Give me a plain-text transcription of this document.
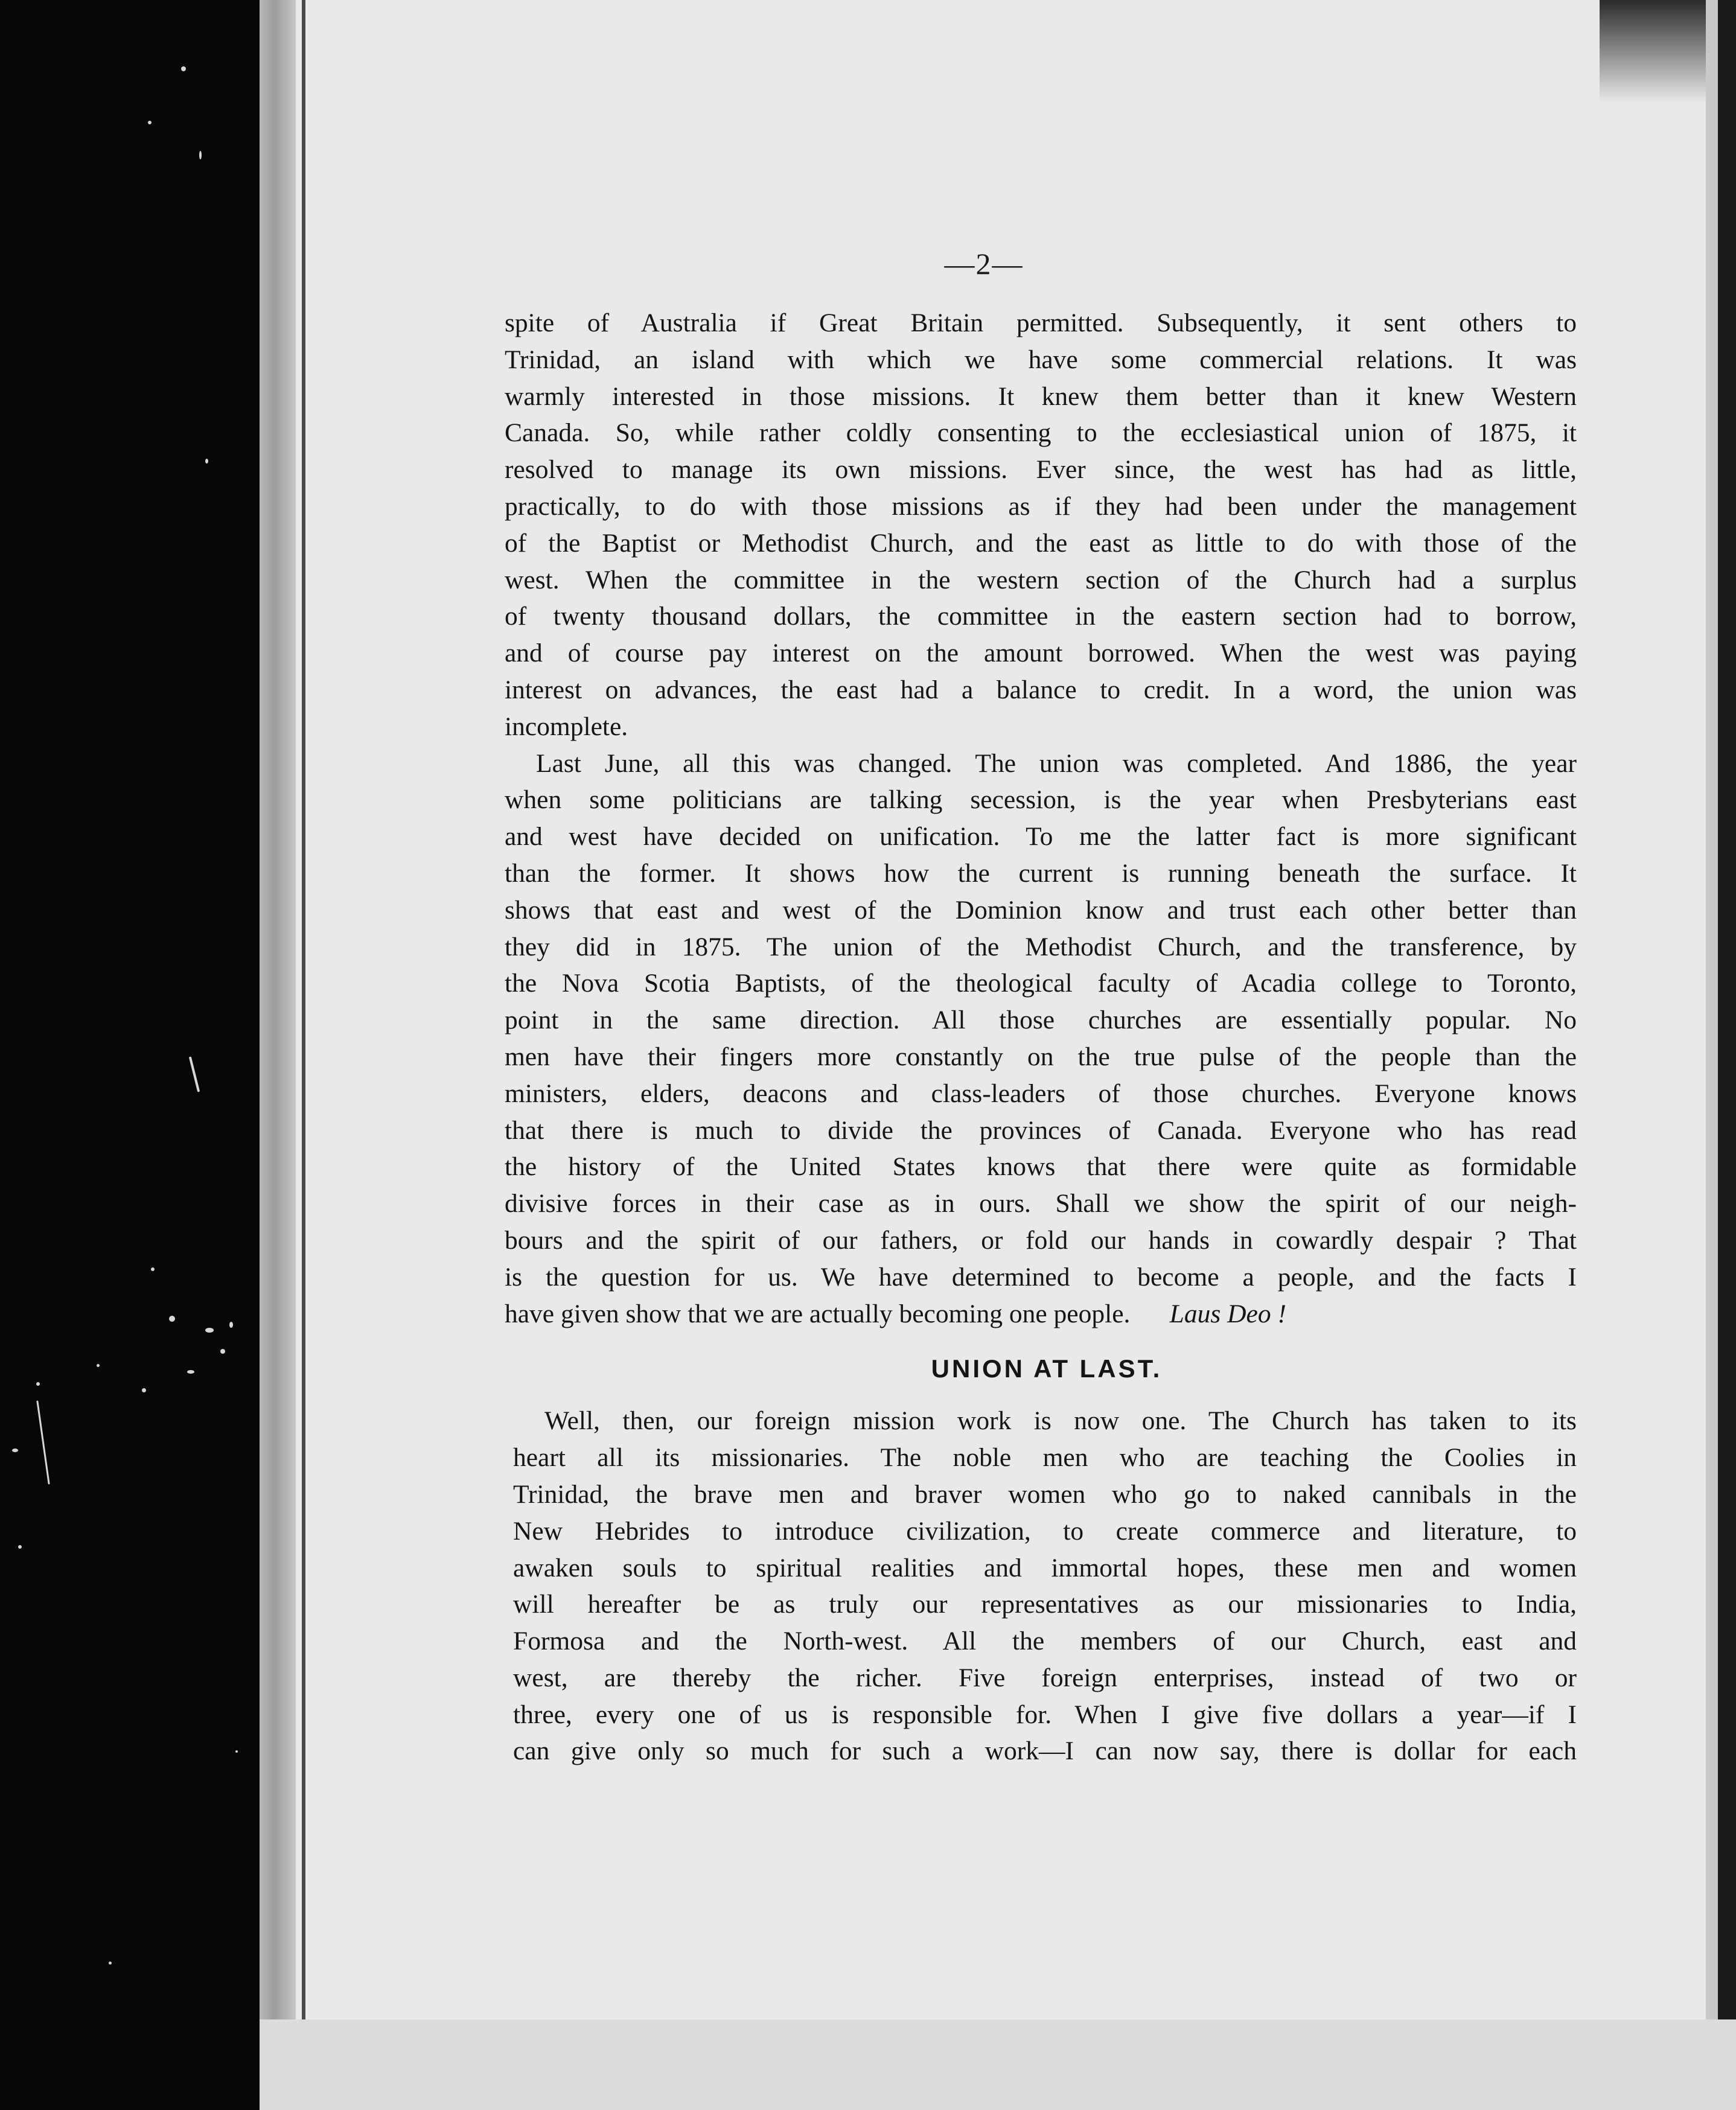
—2—
spite of Australia if Great Britain permitted. Subsequently, it sent others to
Trinidad, an island with which we have some commercial relations. It was
warmly interested in those missions. It knew them better than it knew Western
Canada. So, while rather coldly consenting to the ecclesiastical union of 1875, it
resolved to manage its own missions. Ever since, the west has had as little,
practically, to do with those missions as if they had been under the management
of the Baptist or Methodist Church, and the east as little to do with those of the
west. When the committee in the western section of the Church had a surplus
of twenty thousand dollars, the committee in the eastern section had to borrow,
and of course pay interest on the amount borrowed. When the west was paying
interest on advances, the east had a balance to credit. In a word, the union was
incomplete.
Last June, all this was changed. The union was completed. And 1886, the year
when some politicians are talking secession, is the year when Presbyterians east
and west have decided on unification. To me the latter fact is more significant
than the former. It shows how the current is running beneath the surface. It
shows that east and west of the Dominion know and trust each other better than
they did in 1875. The union of the Methodist Church, and the transference, by
the Nova Scotia Baptists, of the theological faculty of Acadia college to Toronto,
point in the same direction. All those churches are essentially popular. No
men have their fingers more constantly on the true pulse of the people than the
ministers, elders, deacons and class-leaders of those churches. Everyone knows
that there is much to divide the provinces of Canada. Everyone who has read
the history of the United States knows that there were quite as formidable
divisive forces in their case as in ours. Shall we show the spirit of our neigh-
bours and the spirit of our fathers, or fold our hands in cowardly despair ? That
is the question for us. We have determined to become a people, and the facts I
have given show that we are actually becoming one people. Laus Deo !
UNION AT LAST.
Well, then, our foreign mission work is now one. The Church has taken to its
heart all its missionaries. The noble men who are teaching the Coolies in
Trinidad, the brave men and braver women who go to naked cannibals in the
New Hebrides to introduce civilization, to create commerce and literature, to
awaken souls to spiritual realities and immortal hopes, these men and women
will hereafter be as truly our representatives as our missionaries to India,
Formosa and the North-west. All the members of our Church, east and
west, are thereby the richer. Five foreign enterprises, instead of two or
three, every one of us is responsible for. When I give five dollars a year—if I
can give only so much for such a work—I can now say, there is dollar for each
